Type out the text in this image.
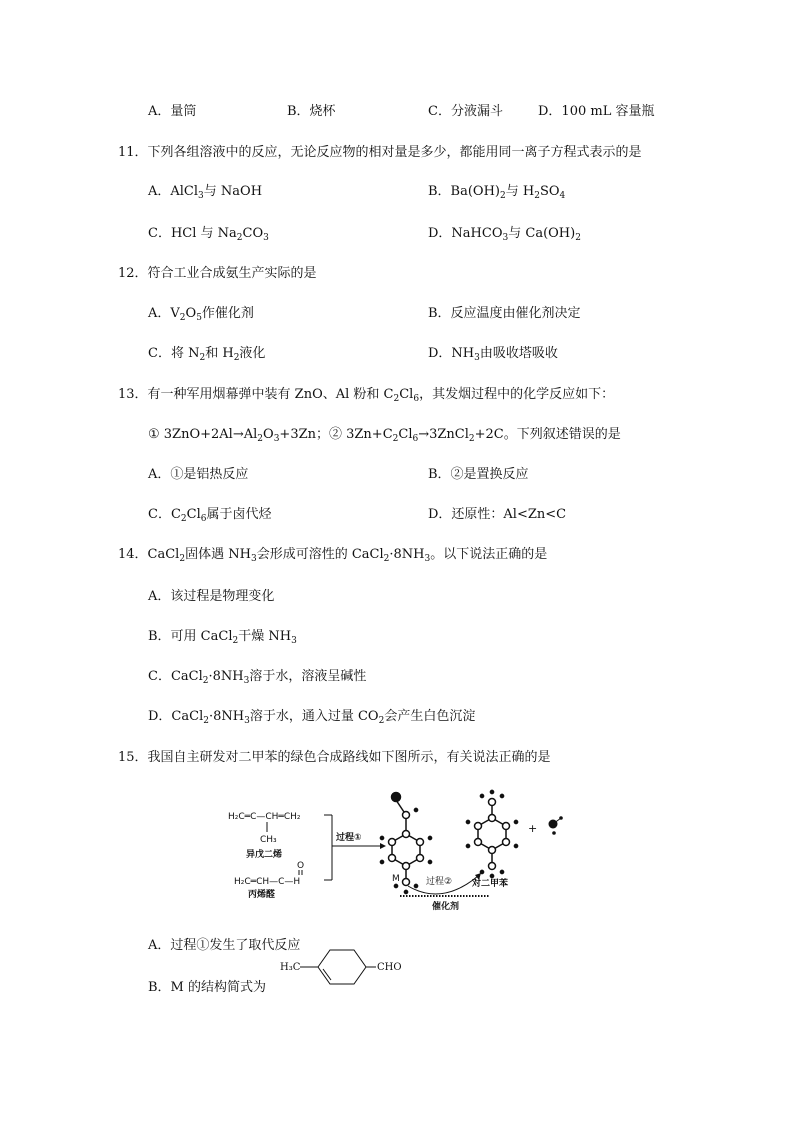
A．量筒	B．烧杯	C．分液漏斗	D．100 mL 容量瓶
11．下列各组溶液中的反应，无论反应物的相对量是多少，都能用同一离子方程式表示的是
A．AlCl$_3$与 NaOH	B．$Ba(OH)_2$与 $H_2SO_4$
C．HCl 与 $Na_2CO_3$	D．NaHCO$_3$与 $Ca(OH)_2$
12．符合工业合成氨生产实际的是
A．$V_2O_5$作催化剂	B．反应温度由催化剂决定
C．将 $N_2$和 $H_2$液化	D．$NH_3$由吸收塔吸收
13．有一种军用烟幕弹中装有 ZnO、Al 粉和 $C_2Cl_6$，其发烟过程中的化学反应如下：
① $3ZnO+2Al\to Al_2O_3+3Zn$；② $3Zn+C_2Cl_6\to 3ZnCl_2+2C$。下列叙述错误的是
A．①是铝热反应	B．②是置换反应
C．$C_2Cl_6$属于卤代烃	D．还原性：Al<Zn<C
14．CaCl$_2$固体遇 $NH_3$会形成可溶性的 $CaCl_2\cdot 8NH_3$。以下说法正确的是
A．该过程是物理变化
B．可用 CaCl$_2$干燥 $NH_3$
C．$CaCl_2\cdot 8NH_3$溶于水，溶液呈碱性
D．$CaCl_2\cdot 8NH_3$溶于水，通入过量 $CO_2$会产生白色沉淀
15．我国自主研发对二甲苯的绿色合成路线如下图所示，有关说法正确的是
H₂C═C—CH═CH₂
CH₃
异戊二烯
O
H₂C═CH—C—H
丙烯醛
过程①
+
M	过程② 对二甲苯
催化剂
A．过程①发生了取代反应
H₃C	CHO
B．M 的结构简式为
